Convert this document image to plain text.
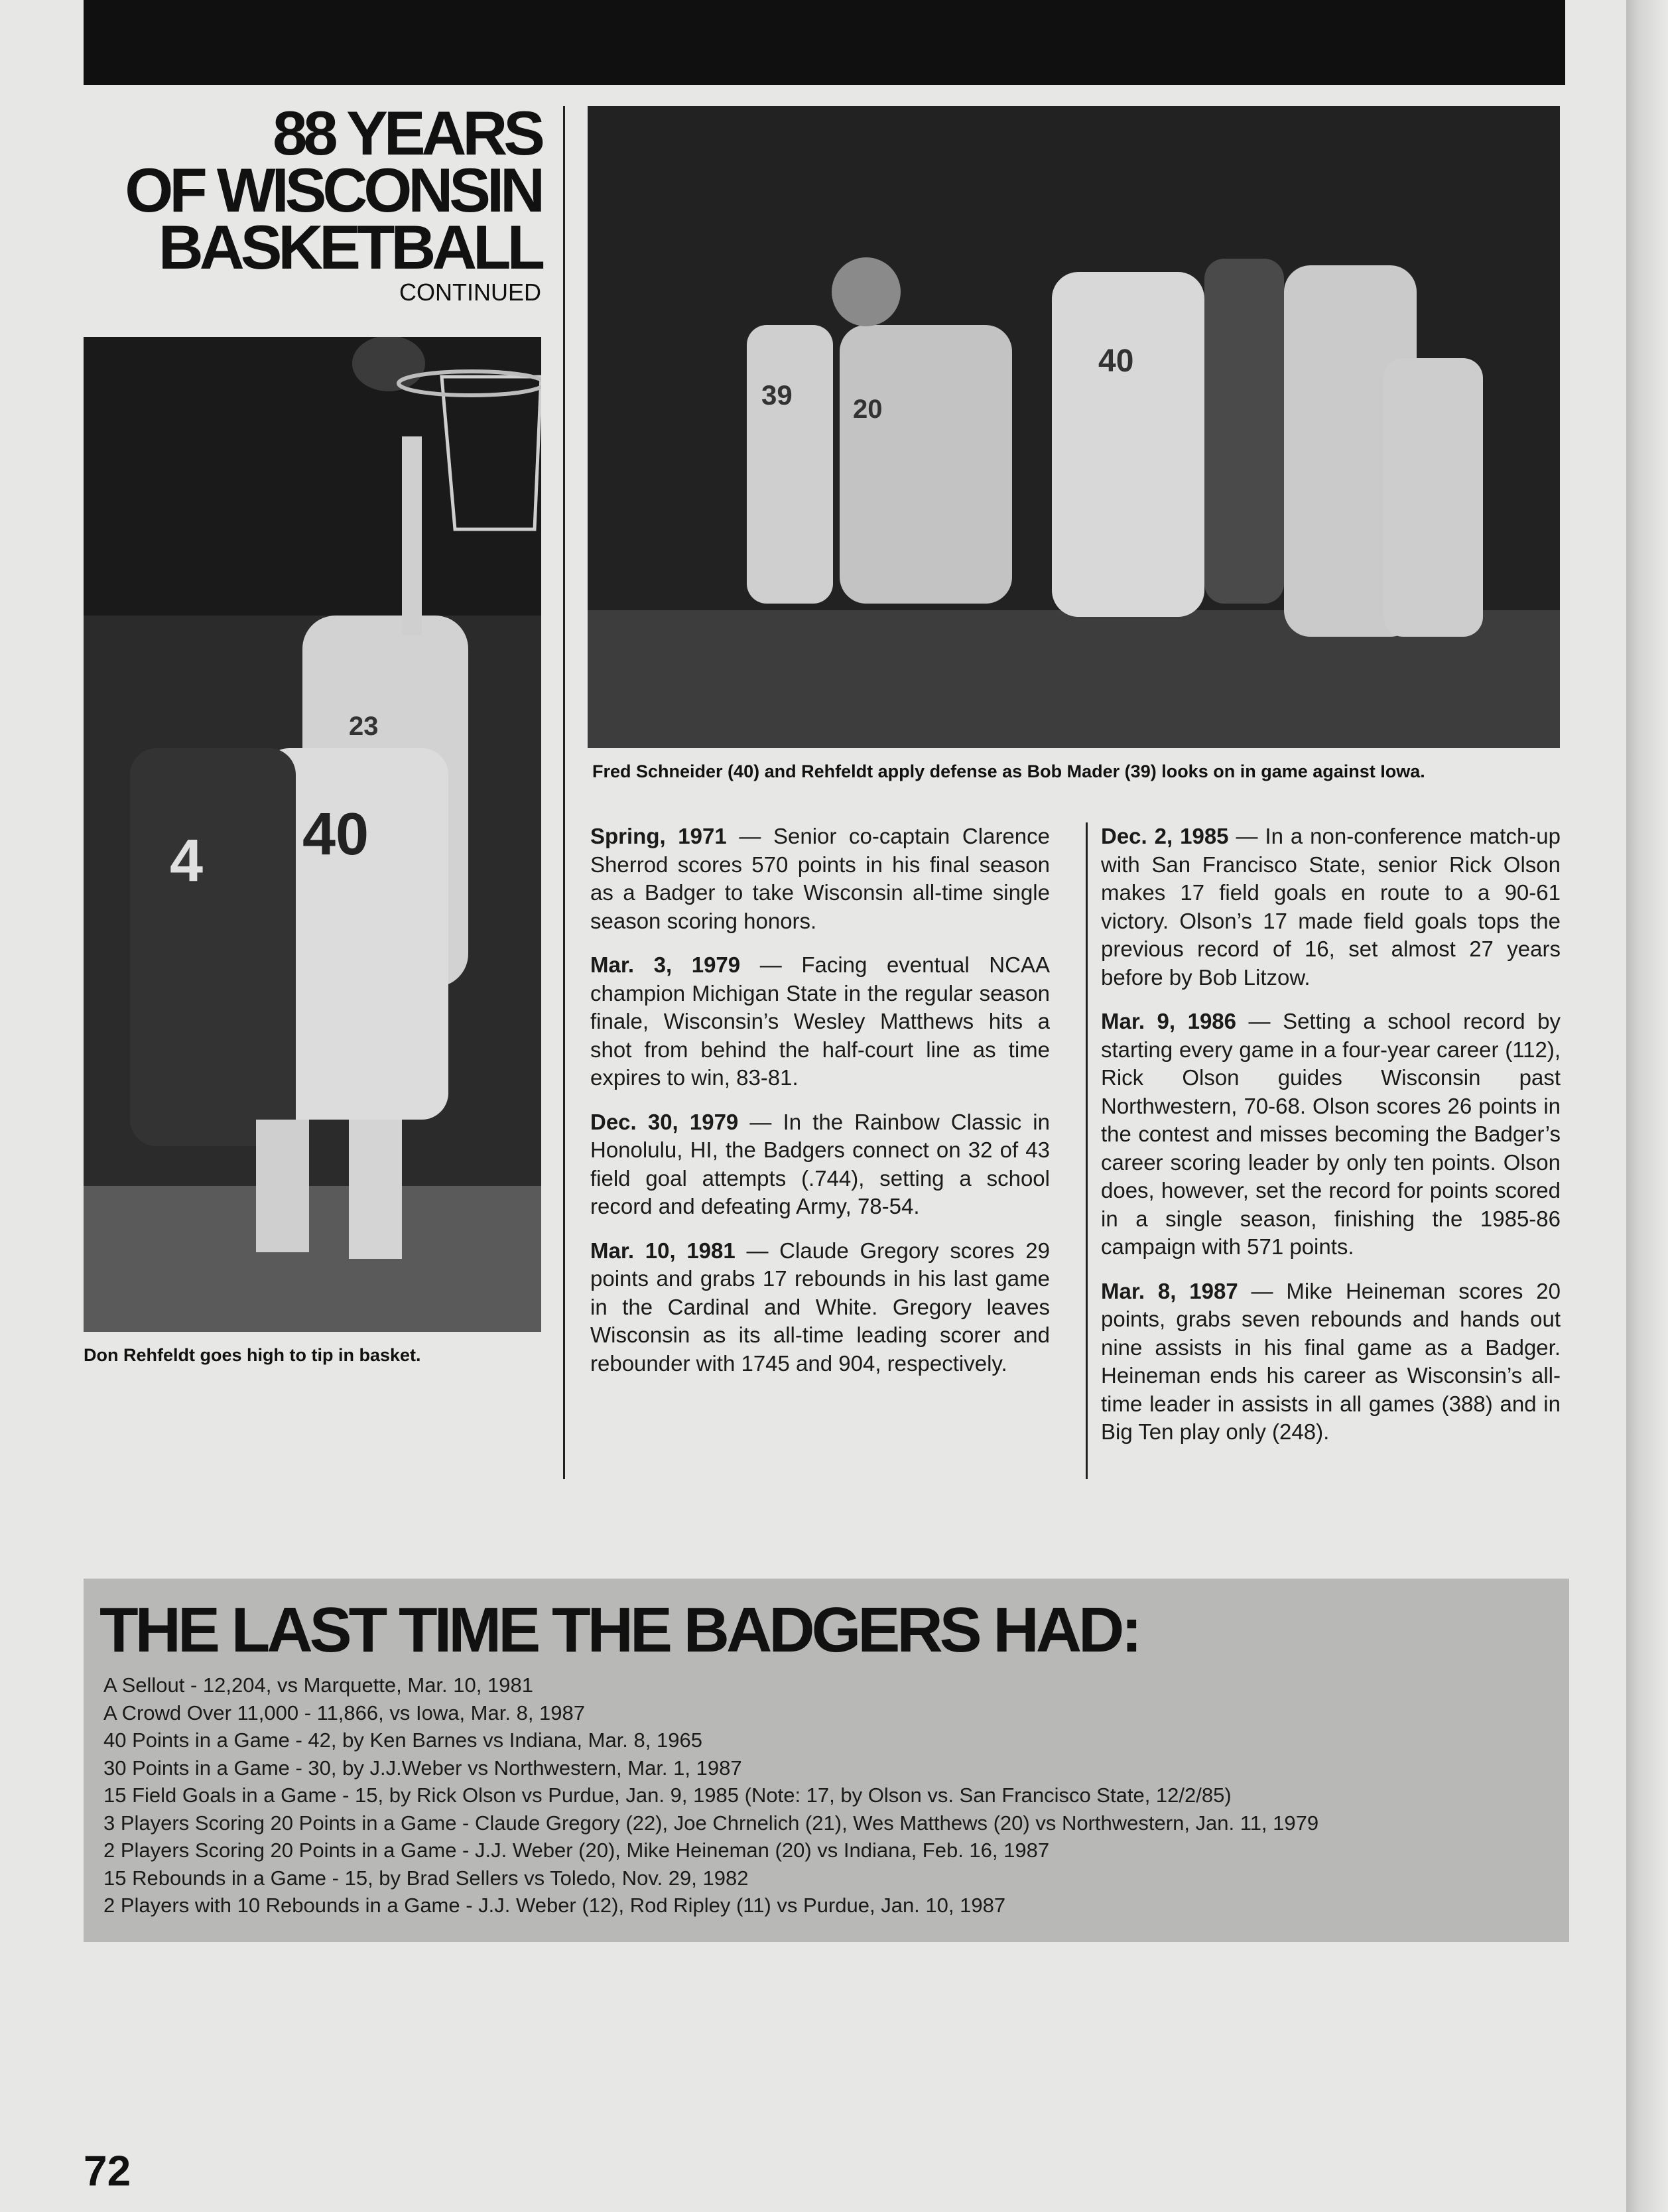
88 YEARS
OF WISCONSIN
BASKETBALL
CONTINUED
23
40
4
Don Rehfeldt goes high to tip in basket.
39 20
40
Fred Schneider (40) and Rehfeldt apply defense as Bob Mader (39) looks on in game against Iowa.

Spring, 1971 — Senior co-captain Clarence Sherrod scores 570 points in his final season as a Badger to take Wisconsin all-time single season scoring honors.

Mar. 3, 1979 — Facing eventual NCAA champion Michigan State in the regular season finale, Wisconsin’s Wesley Matthews hits a shot from behind the half-court line as time expires to win, 83-81.

Dec. 30, 1979 — In the Rainbow Classic in Honolulu, HI, the Badgers connect on 32 of 43 field goal attempts (.744), setting a school record and defeating Army, 78-54.

Mar. 10, 1981 — Claude Gregory scores 29 points and grabs 17 rebounds in his last game in the Cardinal and White. Gregory leaves Wisconsin as its all-time leading scorer and rebounder with 1745 and 904, respectively.

Dec. 2, 1985 — In a non-conference match-up with San Francisco State, senior Rick Olson makes 17 field goals en route to a 90-61 victory. Olson’s 17 made field goals tops the previous record of 16, set almost 27 years before by Bob Litzow.

Mar. 9, 1986 — Setting a school record by starting every game in a four-year career (112), Rick Olson guides Wisconsin past Northwestern, 70-68. Olson scores 26 points in the contest and misses becoming the Badger’s career scoring leader by only ten points. Olson does, however, set the record for points scored in a single season, finishing the 1985-86 campaign with 571 points.

Mar. 8, 1987 — Mike Heineman scores 20 points, grabs seven rebounds and hands out nine assists in his final game as a Badger. Heineman ends his career as Wisconsin’s all-time leader in assists in all games (388) and in Big Ten play only (248).

THE LAST TIME THE BADGERS HAD:
A Sellout - 12,204, vs Marquette, Mar. 10, 1981
A Crowd Over 11,000 - 11,866, vs Iowa, Mar. 8, 1987
40 Points in a Game - 42, by Ken Barnes vs Indiana, Mar. 8, 1965
30 Points in a Game - 30, by J.J.Weber vs Northwestern, Mar. 1, 1987
15 Field Goals in a Game - 15, by Rick Olson vs Purdue, Jan. 9, 1985 (Note: 17, by Olson vs. San Francisco State, 12/2/85)
3 Players Scoring 20 Points in a Game - Claude Gregory (22), Joe Chrnelich (21), Wes Matthews (20) vs Northwestern, Jan. 11, 1979
2 Players Scoring 20 Points in a Game - J.J. Weber (20), Mike Heineman (20) vs Indiana, Feb. 16, 1987
15 Rebounds in a Game - 15, by Brad Sellers vs Toledo, Nov. 29, 1982
2 Players with 10 Rebounds in a Game - J.J. Weber (12), Rod Ripley (11) vs Purdue, Jan. 10, 1987
72
